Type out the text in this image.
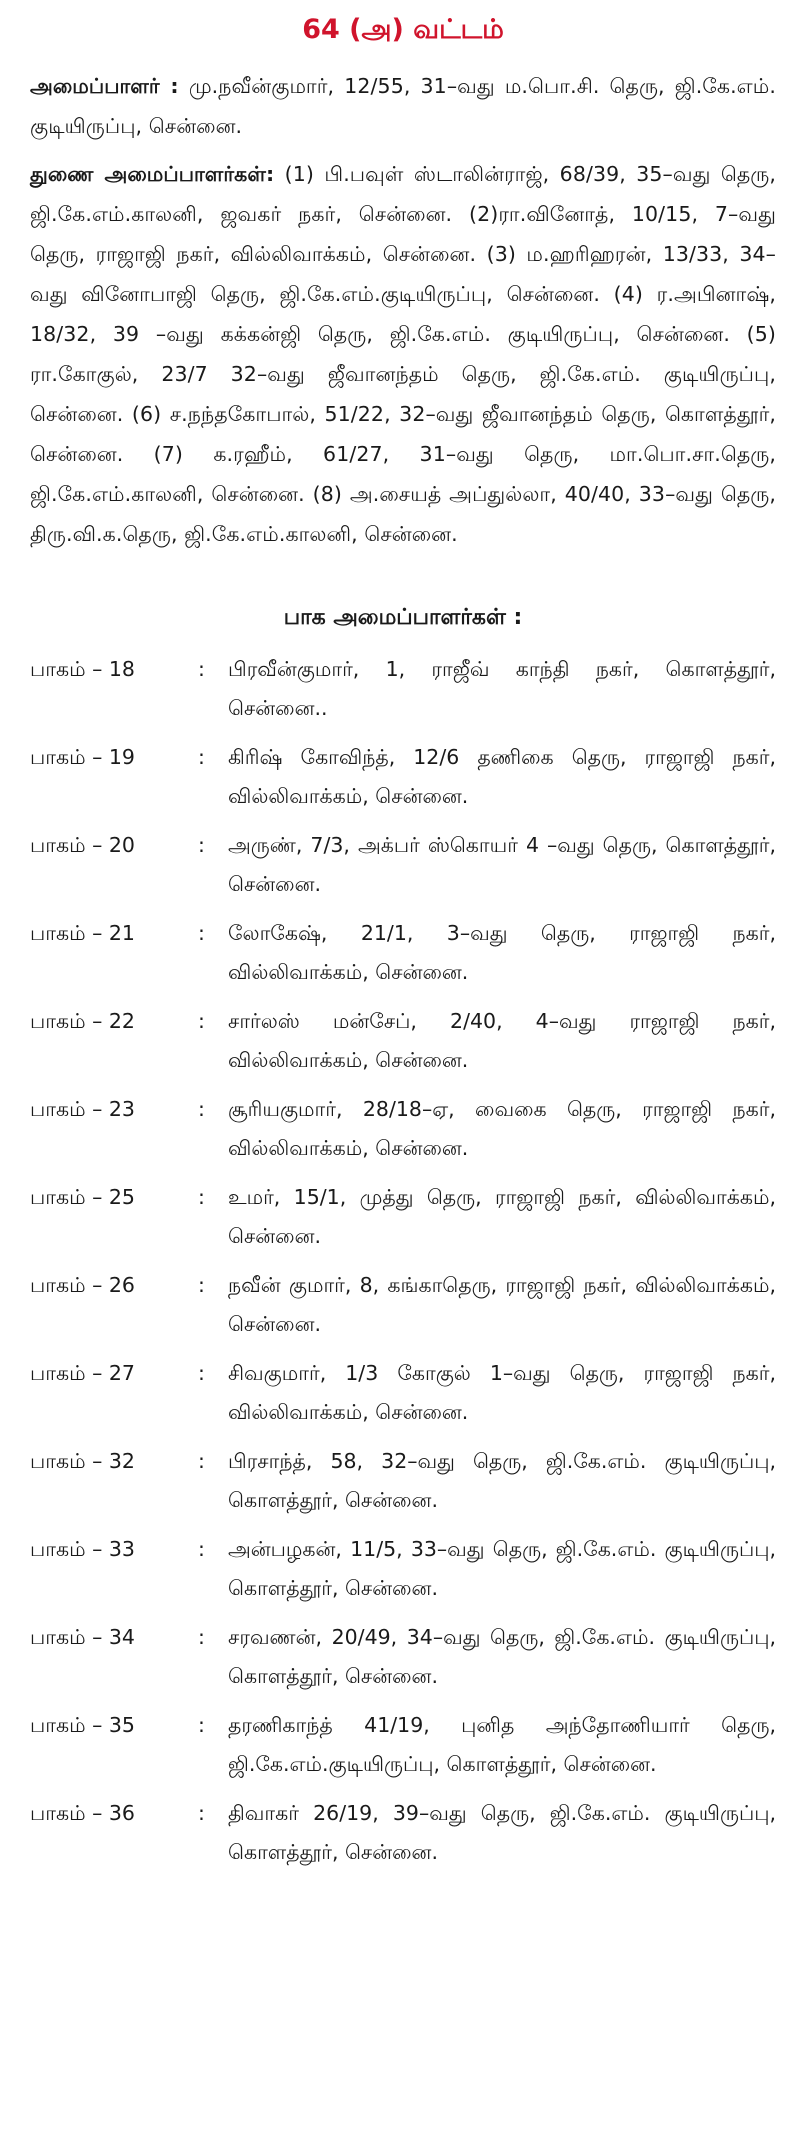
64 (அ) வட்டம்

அமைப்பாளர் : மு.நவீன்குமார், 12/55, 31–வது ம.பொ.சி. தெரு, ஜி.கே.எம். குடியிருப்பு, சென்னை.

துணை அமைப்பாளர்கள்: (1) பி.பவுள் ஸ்டாலின்ராஜ், 68/39, 35–வது தெரு, ஜி.கே.எம்.காலனி, ஜவகர் நகர், சென்னை. (2)ரா.வினோத், 10/15, 7–வது தெரு, ராஜாஜி நகர், வில்லிவாக்கம், சென்னை. (3) ம.ஹரிஹரன், 13/33, 34–வது வினோபாஜி தெரு, ஜி.கே.எம்.குடியிருப்பு, சென்னை. (4) ர.அபினாஷ், 18/32, 39 –வது கக்கன்ஜி தெரு, ஜி.கே.எம். குடியிருப்பு, சென்னை. (5) ரா.கோகுல், 23/7 32–வது ஜீவானந்தம் தெரு, ஜி.கே.எம். குடியிருப்பு, சென்னை. (6) ச.நந்தகோபால், 51/22, 32–வது ஜீவானந்தம் தெரு, கொளத்தூர், சென்னை. (7) க.ரஹீம், 61/27, 31–வது தெரு, மா.பொ.சா.தெரு, ஜி.கே.எம்.காலனி, சென்னை. (8) அ.சையத் அப்துல்லா, 40/40, 33–வது தெரு, திரு.வி.க.தெரு, ஜி.கே.எம்.காலனி, சென்னை.

பாக அமைப்பாளர்கள் :
பாகம் – 18	:	பிரவீன்குமார், 1, ராஜீவ் காந்தி நகர், கொளத்தூர், சென்னை..
பாகம் – 19	:	கிரிஷ் கோவிந்த், 12/6 தணிகை தெரு, ராஜாஜி நகர், வில்லிவாக்கம், சென்னை.
பாகம் – 20	:	அருண், 7/3, அக்பர் ஸ்கொயர் 4 –வது தெரு, கொளத்தூர், சென்னை.
பாகம் – 21	:	லோகேஷ், 21/1, 3–வது தெரு, ராஜாஜி நகர், வில்லிவாக்கம், சென்னை.
பாகம் – 22	:	சார்லஸ் மன்சேப், 2/40, 4–வது ராஜாஜி நகர், வில்லிவாக்கம், சென்னை.
பாகம் – 23	:	சூரியகுமார், 28/18–ஏ, வைகை தெரு, ராஜாஜி நகர், வில்லிவாக்கம், சென்னை.
பாகம் – 25	:	உமர், 15/1, முத்து தெரு, ராஜாஜி நகர், வில்லிவாக்கம், சென்னை.
பாகம் – 26	:	நவீன் குமார், 8, கங்காதெரு, ராஜாஜி நகர், வில்லிவாக்கம், சென்னை.
பாகம் – 27	:	சிவகுமார், 1/3 கோகுல் 1–வது தெரு, ராஜாஜி நகர், வில்லிவாக்கம், சென்னை.
பாகம் – 32	:	பிரசாந்த், 58, 32–வது தெரு, ஜி.கே.எம். குடியிருப்பு, கொளத்தூர், சென்னை.
பாகம் – 33	:	அன்பழகன், 11/5, 33–வது தெரு, ஜி.கே.எம். குடியிருப்பு, கொளத்தூர், சென்னை.
பாகம் – 34	:	சரவணன், 20/49, 34–வது தெரு, ஜி.கே.எம். குடியிருப்பு, கொளத்தூர், சென்னை.
பாகம் – 35	:	தரணிகாந்த் 41/19, புனித அந்தோணியார் தெரு, ஜி.கே.எம்.குடியிருப்பு, கொளத்தூர், சென்னை.
பாகம் – 36	:	திவாகர் 26/19, 39–வது தெரு, ஜி.கே.எம். குடியிருப்பு, கொளத்தூர், சென்னை.
